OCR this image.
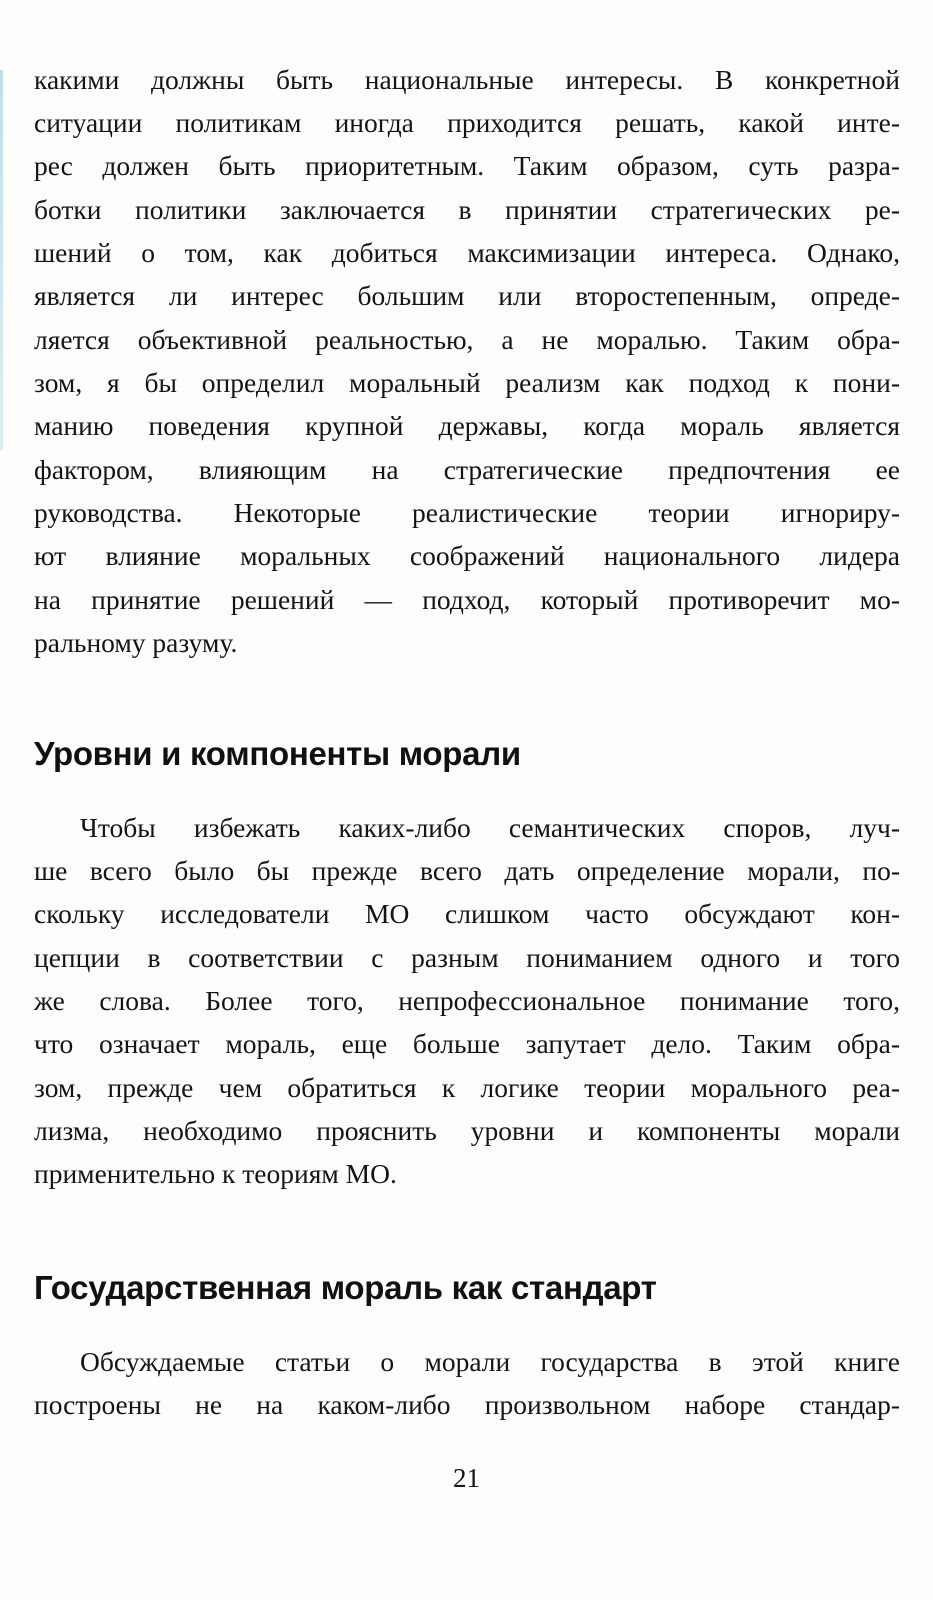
какими должны быть национальные интересы. В конкретной
ситуации политикам иногда приходится решать, какой инте-
рес должен быть приоритетным. Таким образом, суть разра-
ботки политики заключается в принятии стратегических ре-
шений о том, как добиться максимизации интереса. Однако,
является ли интерес большим или второстепенным, опреде-
ляется объективной реальностью, а не моралью. Таким обра-
зом, я бы определил моральный реализм как подход к пони-
манию поведения крупной державы, когда мораль является
фактором, влияющим на стратегические предпочтения ее
руководства. Некоторые реалистические теории игнориру-
ют влияние моральных соображений национального лидера
на принятие решений — подход, который противоречит мо-
ральному разуму.
Уровни и компоненты морали
Чтобы избежать каких-либо семантических споров, луч-
ше всего было бы прежде всего дать определение морали, по-
скольку исследователи МО слишком часто обсуждают кон-
цепции в соответствии с разным пониманием одного и того
же слова. Более того, непрофессиональное понимание того,
что означает мораль, еще больше запутает дело. Таким обра-
зом, прежде чем обратиться к логике теории морального реа-
лизма, необходимо прояснить уровни и компоненты морали
применительно к теориям МО.
Государственная мораль как стандарт
Обсуждаемые статьи о морали государства в этой книге
построены не на каком-либо произвольном наборе стандар-
21
